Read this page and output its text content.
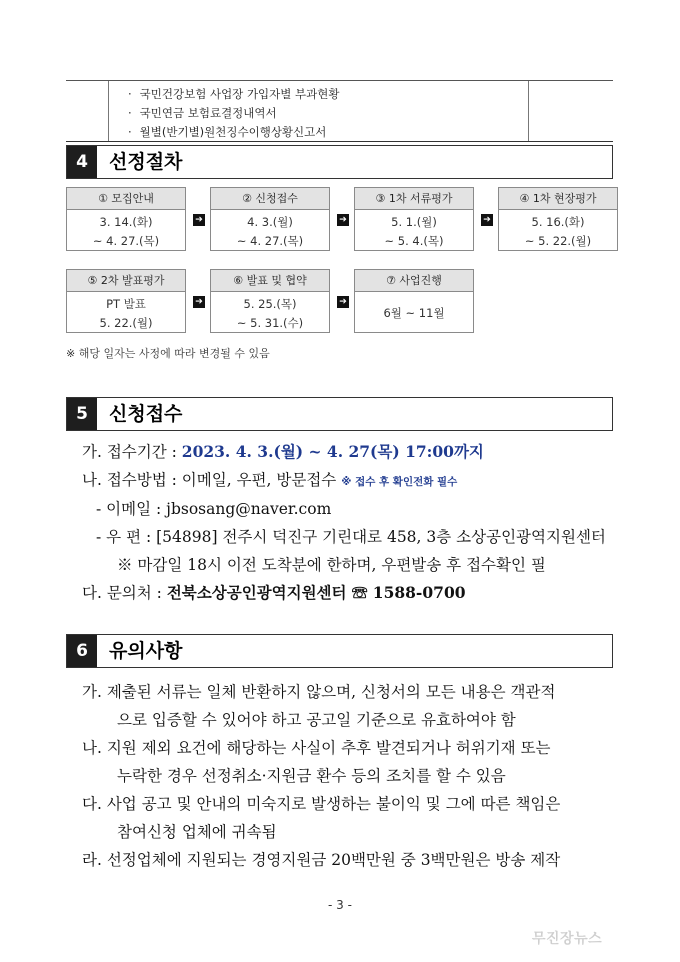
· 국민건강보험 사업장 가입자별 부과현황
· 국민연금 보험료결정내역서
· 월별(반기별)원천징수이행상황신고서
4	선정절차
① 모집안내
3. 14.(화)
~ 4. 27.(목)
➔
② 신청접수
4. 3.(월)
~ 4. 27.(목)
➔
③ 1차 서류평가
5. 1.(월)
~ 5. 4.(목)
➔
④ 1차 현장평가
5. 16.(화)
~ 5. 22.(월)
⑤ 2차 발표평가
PT 발표
5. 22.(월)
➔
⑥ 발표 및 협약
5. 25.(목)
~ 5. 31.(수)
➔
⑦ 사업진행
6월 ~ 11월
※ 해당 일자는 사정에 따라 변경될 수 있음
5	신청접수
가. 접수기간 : 2023. 4. 3.(월) ~ 4. 27(목) 17:00까지
나. 접수방법 : 이메일, 우편, 방문접수 ※ 접수 후 확인전화 필수
- 이메일 : jbsosang@naver.com
- 우 편 : [54898] 전주시 덕진구 기린대로 458, 3층 소상공인광역지원센터
※ 마감일 18시 이전 도착분에 한하며, 우편발송 후 접수확인 필
다. 문의처 : 전북소상공인광역지원센터 ☏ 1588-0700
6	유의사항
가. 제출된 서류는 일체 반환하지 않으며, 신청서의 모든 내용은 객관적
으로 입증할 수 있어야 하고 공고일 기준으로 유효하여야 함
나. 지원 제외 요건에 해당하는 사실이 추후 발견되거나 허위기재 또는
누락한 경우 선정취소·지원금 환수 등의 조치를 할 수 있음
다. 사업 공고 및 안내의 미숙지로 발생하는 불이익 및 그에 따른 책임은
참여신청 업체에 귀속됨
라. 선정업체에 지원되는 경영지원금 20백만원 중 3백만원은 방송 제작
- 3 -
무진장뉴스
